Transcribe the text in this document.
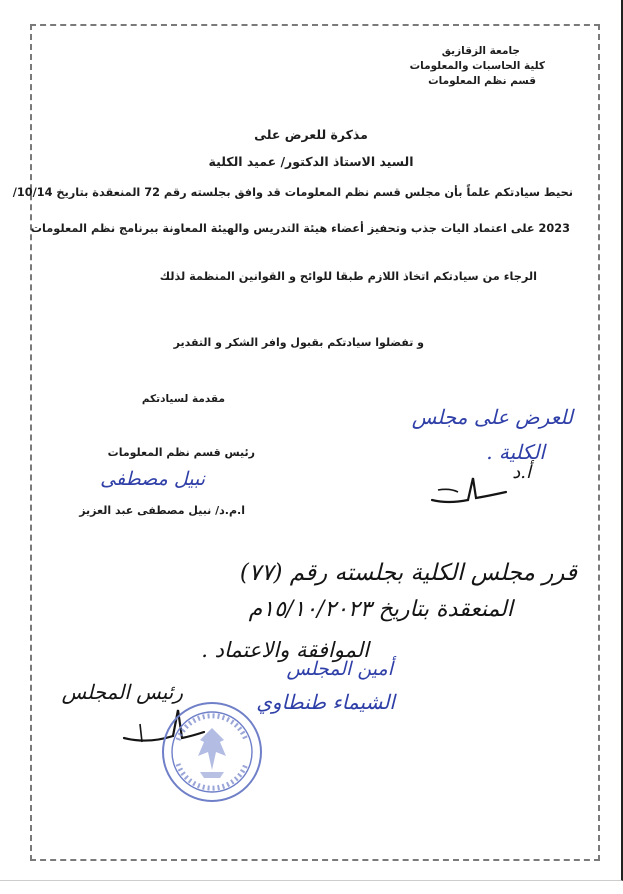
جامعة الزقازيق
كلية الحاسبات والمعلومات
قسم نظم المعلومات
مذكرة للعرض على
السيد الاستاذ الدكتور/ عميد الكلية
نحيط سيادتكم علماً بأن مجلس قسم نظم المعلومات قد وافق بجلسته رقم 72 المنعقدة بتاريخ 10/14/
2023 على اعتماد اليات جذب وتحفيز أعضاء هيئة التدريس والهيئة المعاونة ببرنامج نظم المعلومات
الرجاء من سيادتكم اتخاذ اللازم طبقا للوائح و القوانين المنظمة لذلك
و تفضلوا سيادتكم بقبول وافر الشكر و التقدير
مقدمة لسيادتكم
رئيس قسم نظم المعلومات
نبيل مصطفى
ا.م.د/ نبيل مصطفى عبد العزيز
للعرض على مجلس
الكلية .
أ.د
قرر مجلس الكلية بجلسته رقم (٧٧)
المنعقدة بتاريخ ١٥/١٠/٢٠٢٣م
الموافقة والاعتماد .
أمين المجلس
الشيماء طنطاوي
رئيس المجلس
